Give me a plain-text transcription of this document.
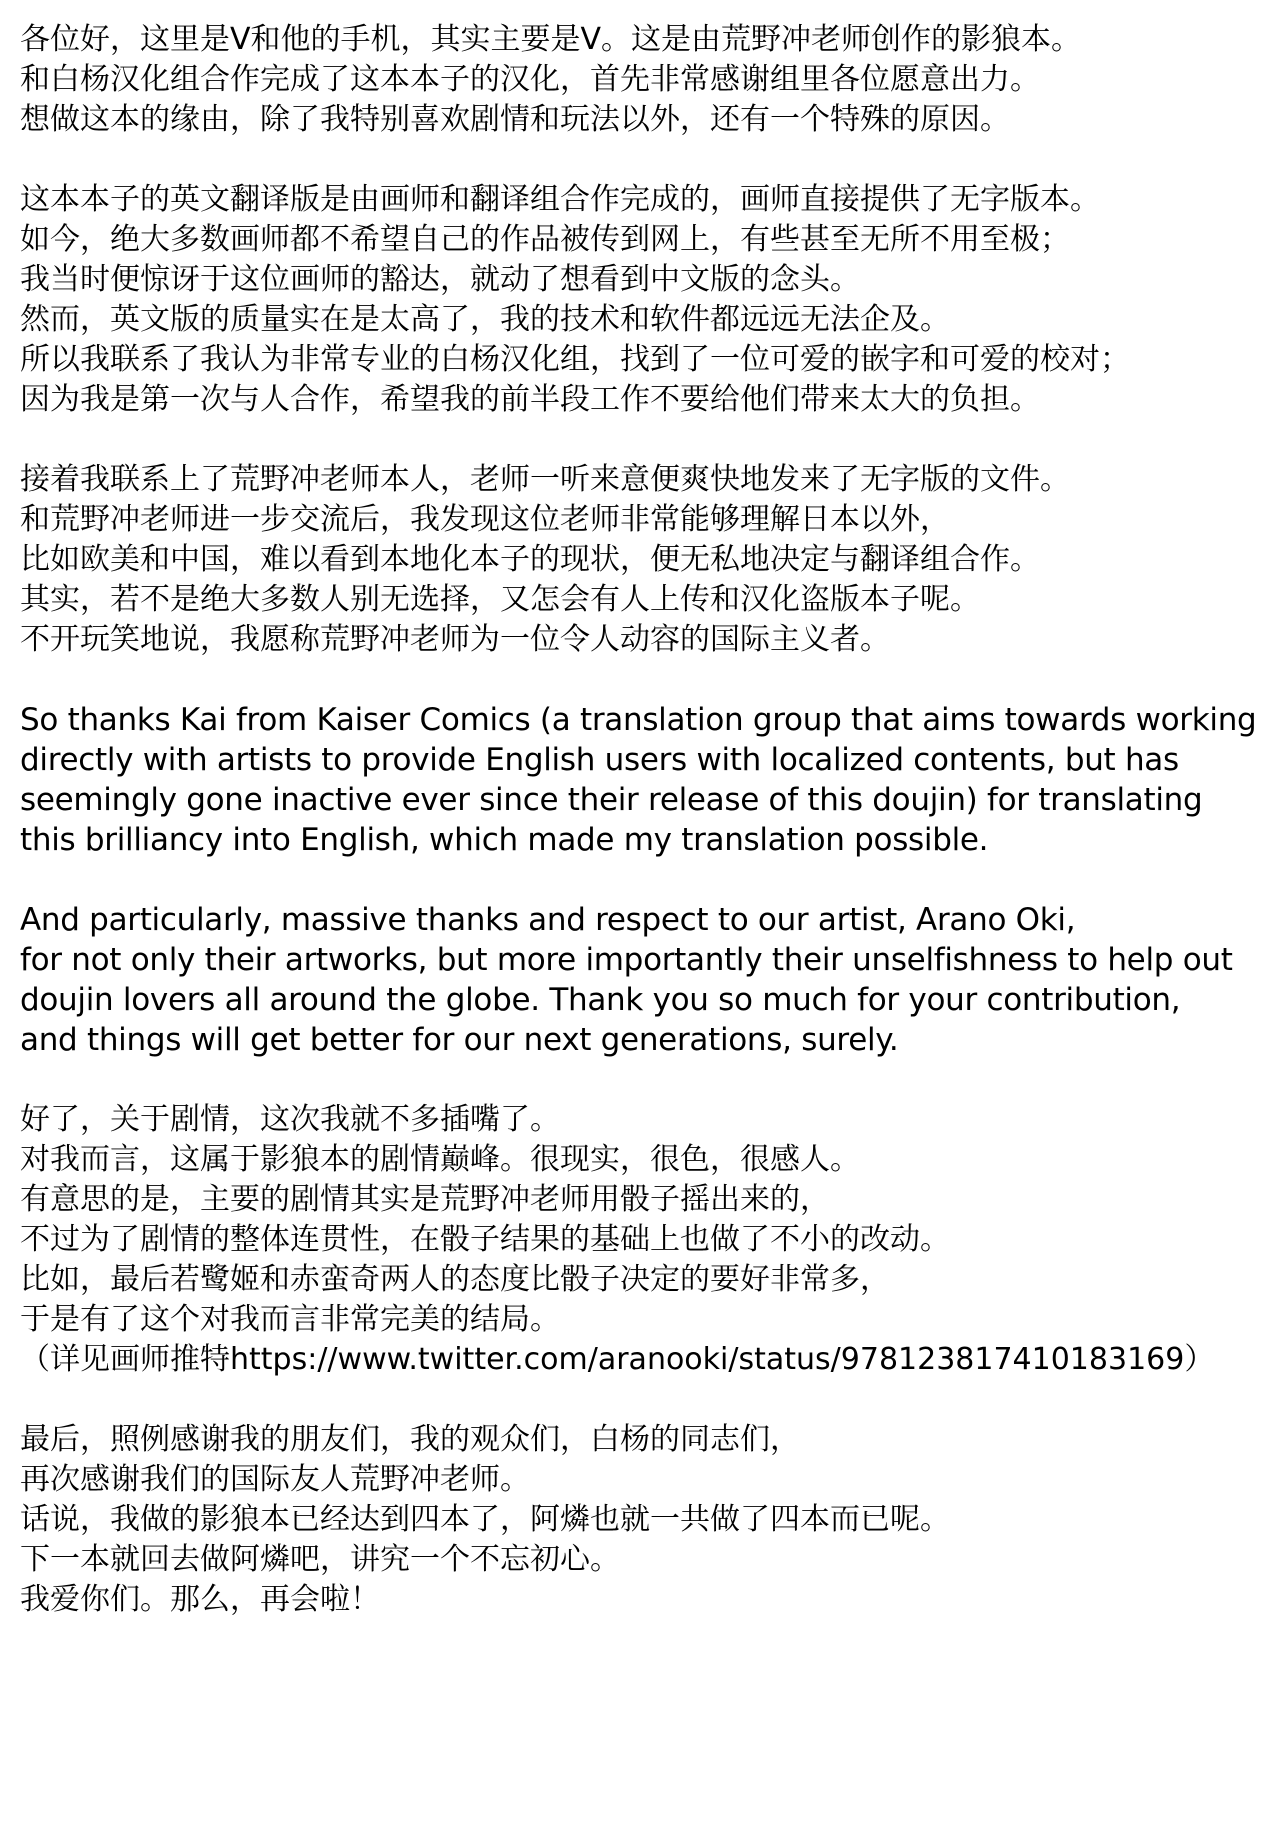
各位好，这里是V和他的手机，其实主要是V。这是由荒野冲老师创作的影狼本。
和白杨汉化组合作完成了这本本子的汉化，首先非常感谢组里各位愿意出力。
想做这本的缘由，除了我特别喜欢剧情和玩法以外，还有一个特殊的原因。
这本本子的英文翻译版是由画师和翻译组合作完成的，画师直接提供了无字版本。
如今，绝大多数画师都不希望自己的作品被传到网上，有些甚至无所不用至极；
我当时便惊讶于这位画师的豁达，就动了想看到中文版的念头。
然而，英文版的质量实在是太高了，我的技术和软件都远远无法企及。
所以我联系了我认为非常专业的白杨汉化组，找到了一位可爱的嵌字和可爱的校对；
因为我是第一次与人合作，希望我的前半段工作不要给他们带来太大的负担。
接着我联系上了荒野冲老师本人，老师一听来意便爽快地发来了无字版的文件。
和荒野冲老师进一步交流后，我发现这位老师非常能够理解日本以外，
比如欧美和中国，难以看到本地化本子的现状，便无私地决定与翻译组合作。
其实，若不是绝大多数人别无选择，又怎会有人上传和汉化盗版本子呢。
不开玩笑地说，我愿称荒野冲老师为一位令人动容的国际主义者。
So thanks Kai from Kaiser Comics (a translation group that aims towards working
directly with artists to provide English users with localized contents, but has
seemingly gone inactive ever since their release of this doujin) for translating
this brilliancy into English, which made my translation possible.
And particularly, massive thanks and respect to our artist, Arano Oki,
for not only their artworks, but more importantly their unselfishness to help out
doujin lovers all around the globe. Thank you so much for your contribution,
and things will get better for our next generations, surely.
好了，关于剧情，这次我就不多插嘴了。
对我而言，这属于影狼本的剧情巅峰。很现实，很色，很感人。
有意思的是，主要的剧情其实是荒野冲老师用骰子摇出来的，
不过为了剧情的整体连贯性，在骰子结果的基础上也做了不小的改动。
比如，最后若鹭姬和赤蛮奇两人的态度比骰子决定的要好非常多，
于是有了这个对我而言非常完美的结局。
（详见画师推特https://www.twitter.com/aranooki/status/978123817410183169）
最后，照例感谢我的朋友们，我的观众们，白杨的同志们，
再次感谢我们的国际友人荒野冲老师。
话说，我做的影狼本已经达到四本了，阿燐也就一共做了四本而已呢。
下一本就回去做阿燐吧，讲究一个不忘初心。
我爱你们。那么，再会啦！
